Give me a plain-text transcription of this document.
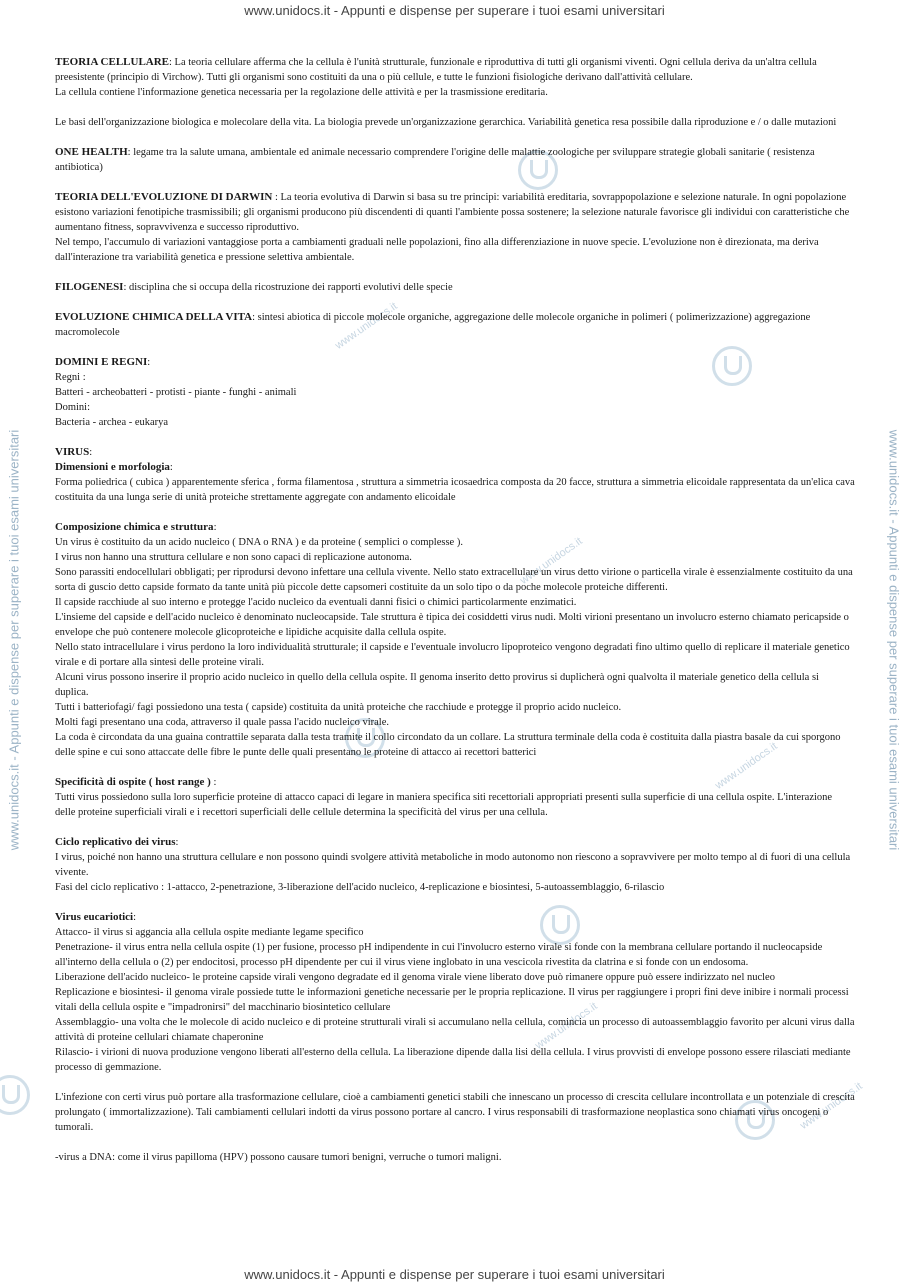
www.unidocs.it - Appunti e dispense per superare i tuoi esami universitari
www.unidocs.it - Appunti e dispense per superare i tuoi esami universitari
www.unidocs.it - Appunti e dispense per superare i tuoi esami universitari	www.unidocs.it - Appunti e dispense per superare i tuoi esami universitari
www.unidocs.it
www.unidocs.it
www.unidocs.it
www.unidocs.it
www.unidocs.it

TEORIA CELLULARE: La teoria cellulare afferma che la cellula è l'unità strutturale, funzionale e riproduttiva di tutti gli organismi viventi. Ogni cellula deriva da un'altra cellula preesistente (principio di Virchow). Tutti gli organismi sono costituiti da una o più cellule, e tutte le funzioni fisiologiche derivano dall'attività cellulare.

La cellula contiene l'informazione genetica necessaria per la regolazione delle attività e per la trasmissione ereditaria.

Le basi dell'organizzazione biologica e molecolare della vita. La biologia prevede un'organizzazione gerarchica. Variabilità genetica resa possibile dalla riproduzione e / o dalle mutazioni

ONE HEALTH: legame tra la salute umana, ambientale ed animale necessario comprendere l'origine delle malattie zoologiche per sviluppare strategie globali sanitarie ( resistenza antibiotica)

TEORIA DELL'EVOLUZIONE DI DARWIN : La teoria evolutiva di Darwin si basa su tre principi: variabilità ereditaria, sovrappopolazione e selezione naturale. In ogni popolazione esistono variazioni fenotipiche trasmissibili; gli organismi producono più discendenti di quanti l'ambiente possa sostenere; la selezione naturale favorisce gli individui con caratteristiche che aumentano fitness, sopravvivenza e successo riproduttivo.

Nel tempo, l'accumulo di variazioni vantaggiose porta a cambiamenti graduali nelle popolazioni, fino alla differenziazione in nuove specie. L'evoluzione non è direzionata, ma deriva dall'interazione tra variabilità genetica e pressione selettiva ambientale.

FILOGENESI: disciplina che si occupa della ricostruzione dei rapporti evolutivi delle specie

EVOLUZIONE CHIMICA DELLA VITA: sintesi abiotica di piccole molecole organiche, aggregazione delle molecole organiche in polimeri ( polimerizzazione) aggregazione macromolecole

DOMINI E REGNI:

Regni :

Batteri - archeobatteri - protisti - piante - funghi - animali

Domini:

Bacteria - archea - eukarya

VIRUS:

Dimensioni e morfologia:

Forma poliedrica ( cubica ) apparentemente sferica , forma filamentosa , struttura a simmetria icosaedrica composta da 20 facce, struttura a simmetria elicoidale rappresentata da un'elica cava costituita da una lunga serie di unità proteiche strettamente aggregate con andamento elicoidale

Composizione chimica e struttura:

Un virus è costituito da un acido nucleico ( DNA o RNA ) e da proteine ( semplici o complesse ).

I virus non hanno una struttura cellulare e non sono capaci di replicazione autonoma.

Sono parassiti endocellulari obbligati; per riprodursi devono infettare una cellula vivente. Nello stato extracellulare un virus detto virione o particella virale è essenzialmente costituito da una sorta di guscio detto capside formato da tante unità più piccole dette capsomeri costituite da un solo tipo o da poche molecole proteiche differenti.

Il capside racchiude al suo interno e protegge l'acido nucleico da eventuali danni fisici o chimici particolarmente enzimatici.

L'insieme del capside e dell'acido nucleico è denominato nucleocapside. Tale struttura è tipica dei cosiddetti virus nudi. Molti virioni presentano un involucro esterno chiamato pericapside o envelope che può contenere molecole glicoproteiche e lipidiche acquisite dalla cellula ospite.

Nello stato intracellulare i virus perdono la loro individualità strutturale; il capside e l'eventuale involucro lipoproteico vengono degradati fino ultimo quello di replicare il materiale genetico virale e di portare alla sintesi delle proteine virali.

Alcuni virus possono inserire il proprio acido nucleico in quello della cellula ospite. Il genoma inserito detto provirus si duplicherà ogni qualvolta il materiale genetico della cellula si duplica.

Tutti i batteriofagi/ fagi possiedono una testa ( capside) costituita da unità proteiche che racchiude e protegge il proprio acido nucleico.

Molti fagi presentano una coda, attraverso il quale passa l'acido nucleico virale.

La coda è circondata da una guaina contrattile separata dalla testa tramite il collo circondato da un collare. La struttura terminale della coda è costituita dalla piastra basale da cui sporgono delle spine e cui sono attaccate delle fibre le punte delle quali presentano le proteine di attacco ai recettori batterici

Specificità di ospite ( host range ) :

Tutti virus possiedono sulla loro superficie proteine di attacco capaci di legare in maniera specifica siti recettoriali appropriati presenti sulla superficie di una cellula ospite. L'interazione delle proteine superficiali virali e i recettori superficiali delle cellule determina la specificità del virus per una cellula.

Ciclo replicativo dei virus:

I virus, poiché non hanno una struttura cellulare e non possono quindi svolgere attività metaboliche in modo autonomo non riescono a sopravvivere per molto tempo al di fuori di una cellula vivente.

Fasi del ciclo replicativo : 1-attacco, 2-penetrazione, 3-liberazione dell'acido nucleico, 4-replicazione e biosintesi, 5-autoassemblaggio, 6-rilascio

Virus eucariotici:

Attacco- il virus si aggancia alla cellula ospite mediante legame specifico

Penetrazione- il virus entra nella cellula ospite (1) per fusione, processo pH indipendente in cui l'involucro esterno virale si fonde con la membrana cellulare portando il nucleocapside all'interno della cellula o (2) per endocitosi, processo pH dipendente per cui il virus viene inglobato in una vescicola rivestita da clatrina e si fonde con un endosoma.

Liberazione dell'acido nucleico- le proteine capside virali vengono degradate ed il genoma virale viene liberato dove può rimanere oppure può essere indirizzato nel nucleo

Replicazione e biosintesi- il genoma virale possiede tutte le informazioni genetiche necessarie per le propria replicazione. Il virus per raggiungere i propri fini deve inibire i normali processi vitali della cellula ospite e "impadronirsi" del macchinario biosintetico cellulare

Assemblaggio- una volta che le molecole di acido nucleico e di proteine strutturali virali si accumulano nella cellula, comincia un processo di autoassemblaggio favorito per alcuni virus dalla attività di proteine cellulari chiamate chaperonine

Rilascio- i virioni di nuova produzione vengono liberati all'esterno della cellula. La liberazione dipende dalla lisi della cellula. I virus provvisti di envelope possono essere rilasciati mediante processo di gemmazione.

L'infezione con certi virus può portare alla trasformazione cellulare, cioè a cambiamenti genetici stabili che innescano un processo di crescita cellulare incontrollata e un potenziale di crescita prolungato ( immortalizzazione). Tali cambiamenti cellulari indotti da virus possono portare al cancro. I virus responsabili di trasformazione neoplastica sono chiamati virus oncogeni o tumorali.

-virus a DNA: come il virus papilloma (HPV) possono causare tumori benigni, verruche o tumori maligni.
